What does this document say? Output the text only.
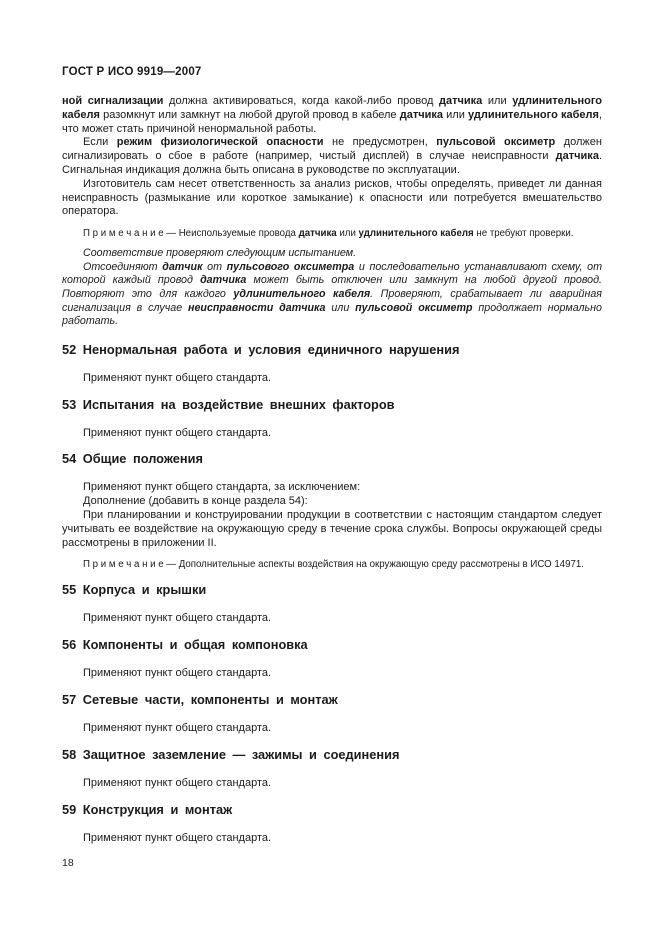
ГОСТ Р ИСО 9919—2007

ной сигнализации должна активироваться, когда какой-либо провод датчика или удлинительного кабеля разомкнут или замкнут на любой другой провод в кабеле датчика или удлинительного кабеля, что может стать причиной ненормальной работы.

Если режим физиологической опасности не предусмотрен, пульсовой оксиметр должен сигнализировать о сбое в работе (например, чистый дисплей) в случае неисправности датчика. Сигнальная индикация должна быть описана в руководстве по эксплуатации.

Изготовитель сам несет ответственность за анализ рисков, чтобы определять, приведет ли данная неисправность (размыкание или короткое замыкание) к опасности или потребуется вмешательство оператора.

П р и м е ч а н и е — Неиспользуемые провода датчика или удлинительного кабеля не требуют проверки.

Соответствие проверяют следующим испытанием.

Отсоединяют датчик от пульсового оксиметра и последовательно устанавливают схему, от которой каждый провод датчика может быть отключен или замкнут на любой другой провод. Повторяют это для каждого удлинительного кабеля. Проверяют, срабатывает ли аварийная сигнализация в случае неисправности датчика или пульсовой оксиметр продолжает нормально работать.

52 Ненормальная работа и условия единичного нарушения

Применяют пункт общего стандарта.

53 Испытания на воздействие внешних факторов

Применяют пункт общего стандарта.

54 Общие положения

Применяют пункт общего стандарта, за исключением:

Дополнение (добавить в конце раздела 54):

При планировании и конструировании продукции в соответствии с настоящим стандартом следует учитывать ее воздействие на окружающую среду в течение срока службы. Вопросы окружающей среды рассмотрены в приложении II.

П р и м е ч а н и е — Дополнительные аспекты воздействия на окружающую среду рассмотрены в ИСО 14971.

55 Корпуса и крышки

Применяют пункт общего стандарта.

56 Компоненты и общая компоновка

Применяют пункт общего стандарта.

57 Сетевые части, компоненты и монтаж

Применяют пункт общего стандарта.

58 Защитное заземление — зажимы и соединения

Применяют пункт общего стандарта.

59 Конструкция и монтаж

Применяют пункт общего стандарта.

18
